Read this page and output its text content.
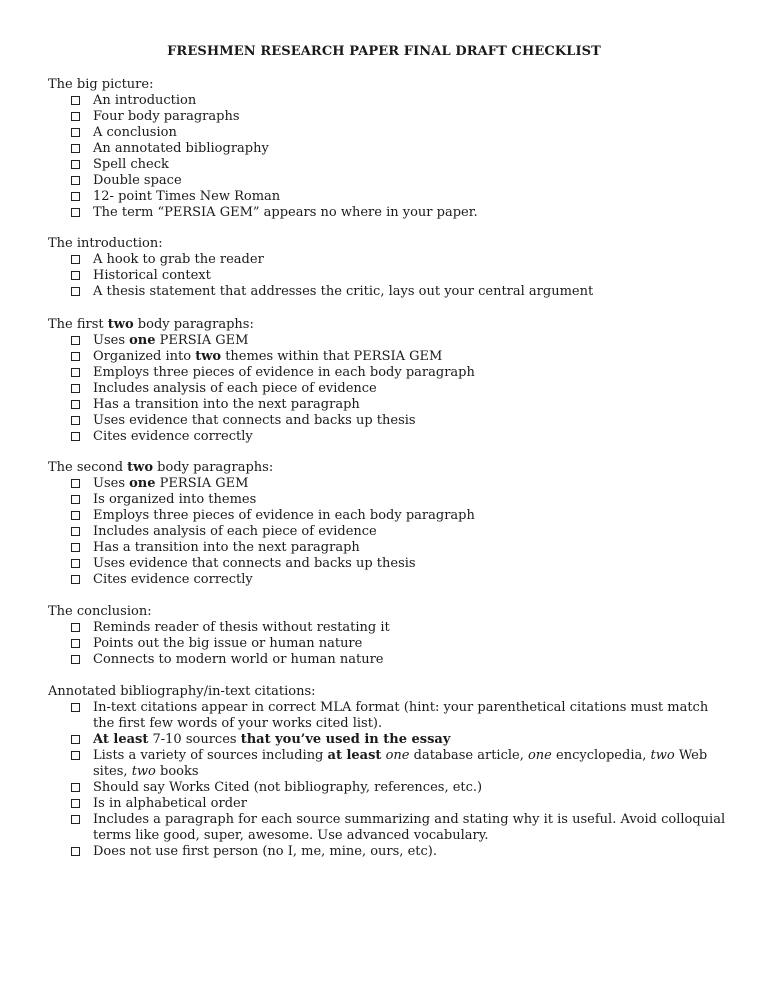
FRESHMEN RESEARCH PAPER FINAL DRAFT CHECKLIST
The big picture:
An introduction
Four body paragraphs
A conclusion
An annotated bibliography
Spell check
Double space
12- point Times New Roman
The term “PERSIA GEM” appears no where in your paper.
The introduction:
A hook to grab the reader
Historical context
A thesis statement that addresses the critic, lays out your central argument
The first two body paragraphs:
Uses one PERSIA GEM
Organized into two themes within that PERSIA GEM
Employs three pieces of evidence in each body paragraph
Includes analysis of each piece of evidence
Has a transition into the next paragraph
Uses evidence that connects and backs up thesis
Cites evidence correctly
The second two body paragraphs:
Uses one PERSIA GEM
Is organized into themes
Employs three pieces of evidence in each body paragraph
Includes analysis of each piece of evidence
Has a transition into the next paragraph
Uses evidence that connects and backs up thesis
Cites evidence correctly
The conclusion:
Reminds reader of thesis without restating it
Points out the big issue or human nature
Connects to modern world or human nature
Annotated bibliography/in-text citations:
In-text citations appear in correct MLA format (hint: your parenthetical citations must match the first few words of your works cited list).
At least 7-10 sources that you’ve used in the essay
Lists a variety of sources including at least one database article, one encyclopedia, two Web sites, two books
Should say Works Cited (not bibliography, references, etc.)
Is in alphabetical order
Includes a paragraph for each source summarizing and stating why it is useful. Avoid colloquial terms like good, super, awesome. Use advanced vocabulary.
Does not use first person (no I, me, mine, ours, etc).
